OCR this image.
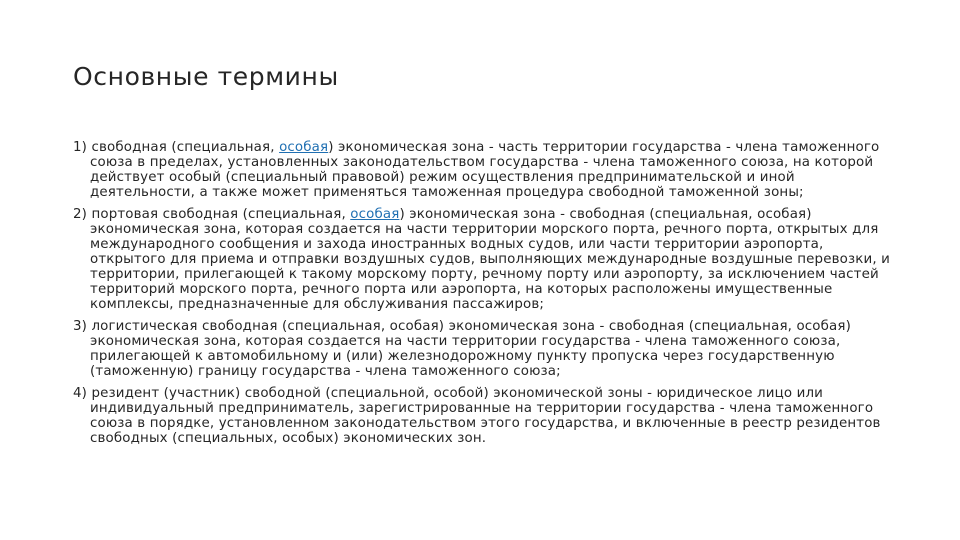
Основные термины

1) свободная (специальная, особая) экономическая зона - часть территории государства - члена таможенного союза в пределах, установленных законодательством государства - члена таможенного союза, на которой действует особый (специальный правовой) режим осуществления предпринимательской и иной деятельности, а также может применяться таможенная процедура свободной таможенной зоны;

2) портовая свободная (специальная, особая) экономическая зона - свободная (специальная, особая) экономическая зона, которая создается на части территории морского порта, речного порта, открытых для международного сообщения и захода иностранных водных судов, или части территории аэропорта, открытого для приема и отправки воздушных судов, выполняющих международные воздушные перевозки, и территории, прилегающей к такому морскому порту, речному порту или аэропорту, за исключением частей территорий морского порта, речного порта или аэропорта, на которых расположены имущественные комплексы, предназначенные для обслуживания пассажиров;

3) логистическая свободная (специальная, особая) экономическая зона - свободная (специальная, особая) экономическая зона, которая создается на части территории государства - члена таможенного союза, прилегающей к автомобильному и (или) железнодорожному пункту пропуска через государственную (таможенную) границу государства - члена таможенного союза;

4) резидент (участник) свободной (специальной, особой) экономической зоны - юридическое лицо или индивидуальный предприниматель, зарегистрированные на территории государства - члена таможенного союза в порядке, установленном законодательством этого государства, и включенные в реестр резидентов свободных (специальных, особых) экономических зон.
